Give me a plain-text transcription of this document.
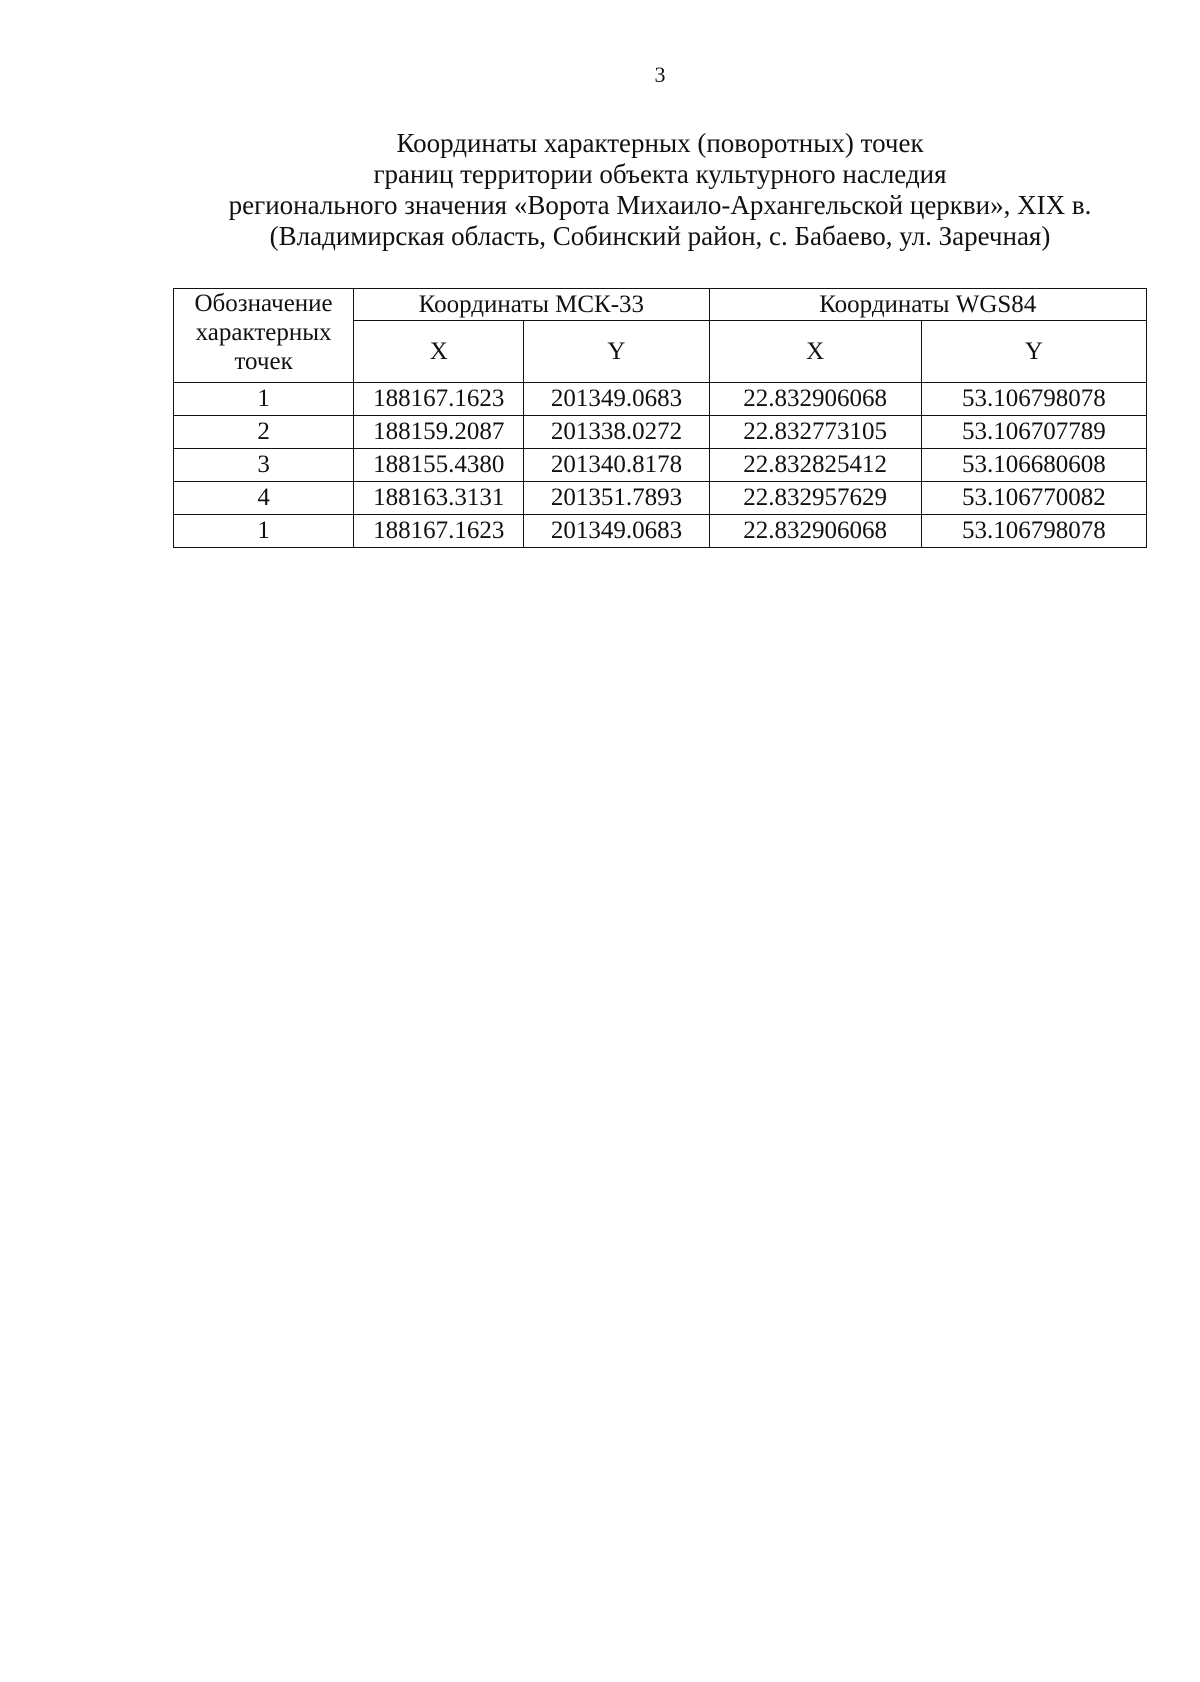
3
Координаты характерных (поворотных) точек
границ территории объекта культурного наследия
регионального значения «Ворота Михаило-Архангельской церкви», XIX в.
(Владимирская область, Собинский район, с. Бабаево, ул. Заречная)
Обозначение
характерных
точек	Координаты МСК-33		Координаты WGS84	
	X	Y	X	Y
1	188167.1623	201349.0683	22.832906068	53.106798078
2	188159.2087	201338.0272	22.832773105	53.106707789
3	188155.4380	201340.8178	22.832825412	53.106680608
4	188163.3131	201351.7893	22.832957629	53.106770082
1	188167.1623	201349.0683	22.832906068	53.106798078
